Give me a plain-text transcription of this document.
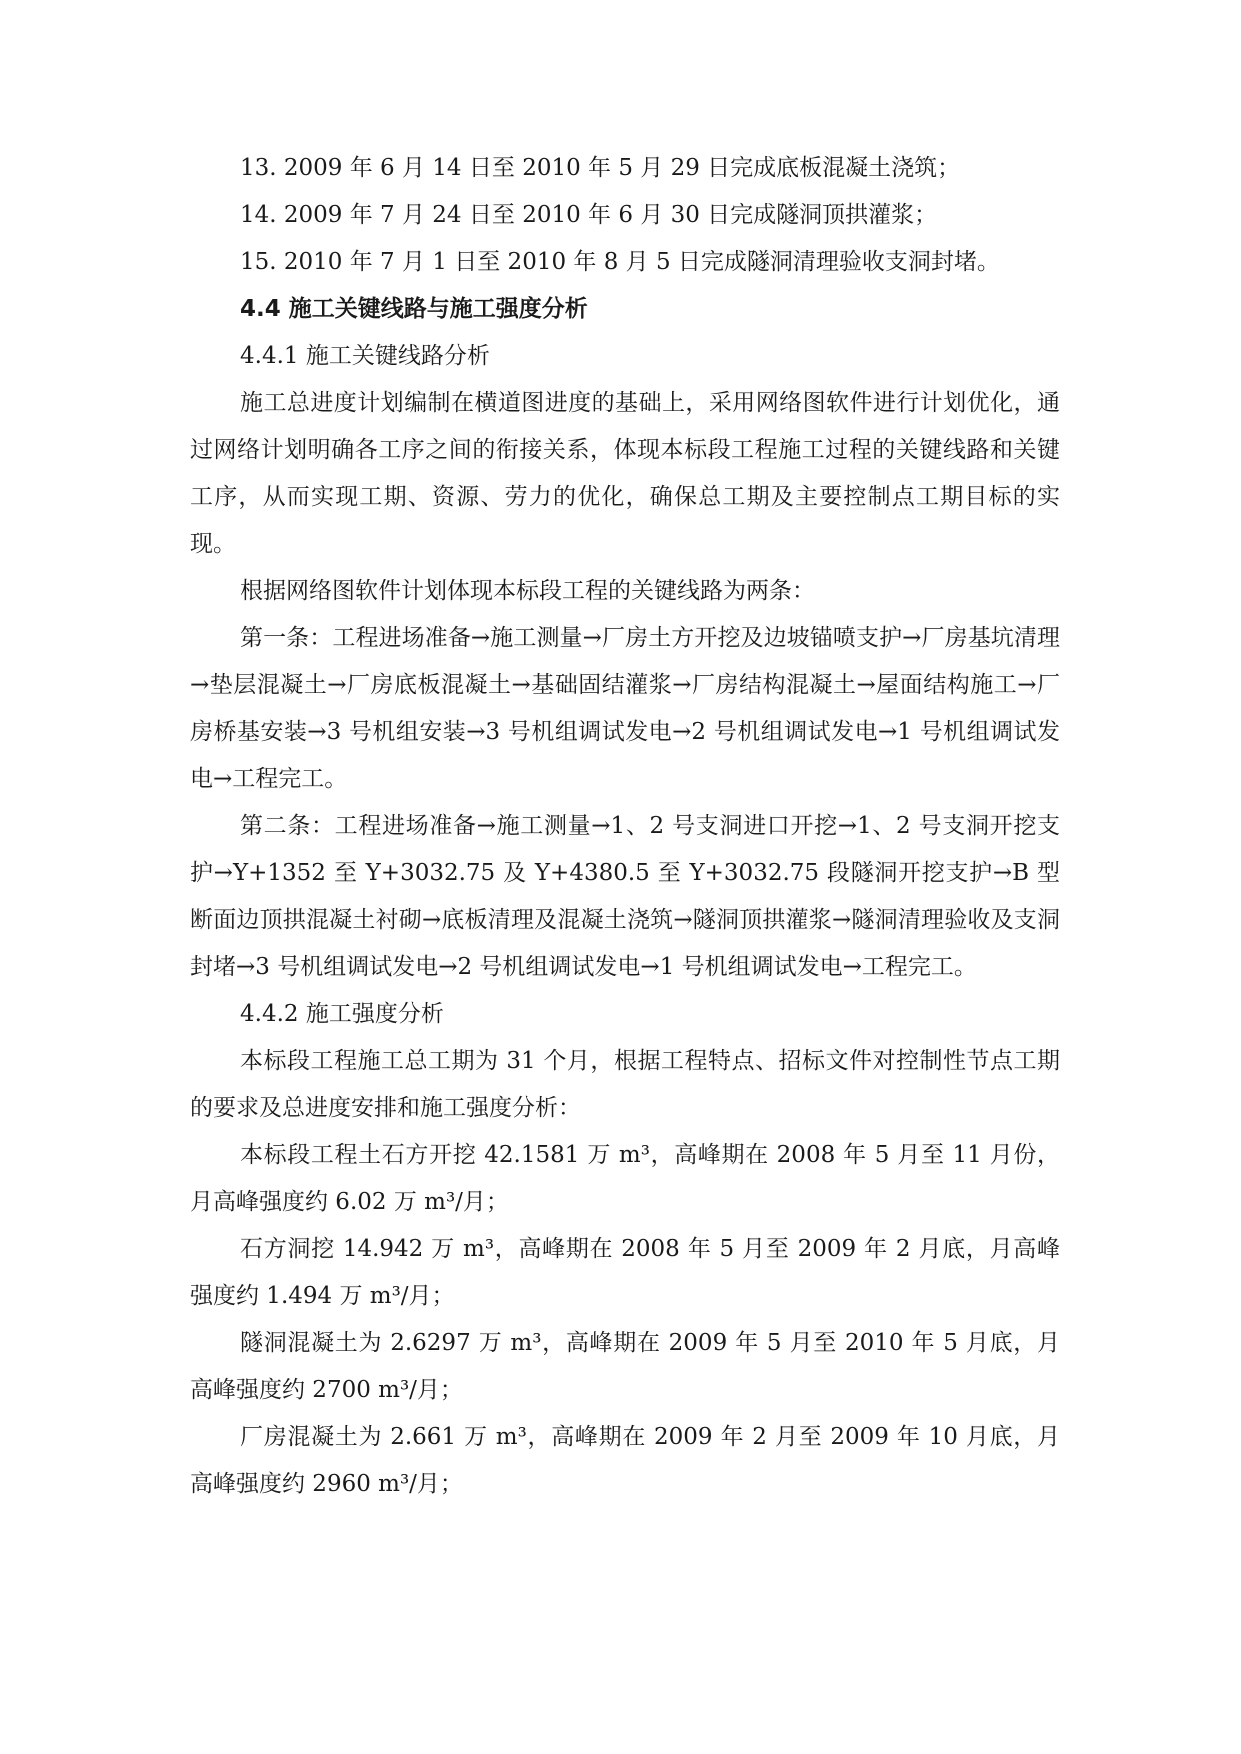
13. 2009 年 6 月 14 日至 2010 年 5 月 29 日完成底板混凝土浇筑；

14. 2009 年 7 月 24 日至 2010 年 6 月 30 日完成隧洞顶拱灌浆；

15. 2010 年 7 月 1 日至 2010 年 8 月 5 日完成隧洞清理验收支洞封堵。

4.4 施工关键线路与施工强度分析

4.4.1 施工关键线路分析

施工总进度计划编制在横道图进度的基础上，采用网络图软件进行计划优化，通过网络计划明确各工序之间的衔接关系，体现本标段工程施工过程的关键线路和关键工序，从而实现工期、资源、劳力的优化，确保总工期及主要控制点工期目标的实现。

根据网络图软件计划体现本标段工程的关键线路为两条：

第一条：工程进场准备→施工测量→厂房土方开挖及边坡锚喷支护→厂房基坑清理→垫层混凝土→厂房底板混凝土→基础固结灌浆→厂房结构混凝土→屋面结构施工→厂房桥基安装→3 号机组安装→3 号机组调试发电→2 号机组调试发电→1 号机组调试发电→工程完工。

第二条：工程进场准备→施工测量→1、2 号支洞进口开挖→1、2 号支洞开挖支护→Y+1352 至 Y+3032.75 及 Y+4380.5 至 Y+3032.75 段隧洞开挖支护→B 型断面边顶拱混凝土衬砌→底板清理及混凝土浇筑→隧洞顶拱灌浆→隧洞清理验收及支洞封堵→3 号机组调试发电→2 号机组调试发电→1 号机组调试发电→工程完工。

4.4.2 施工强度分析

本标段工程施工总工期为 31 个月，根据工程特点、招标文件对控制性节点工期的要求及总进度安排和施工强度分析：

本标段工程土石方开挖 42.1581 万 m³，高峰期在 2008 年 5 月至 11 月份，月高峰强度约 6.02 万 m³/月；

石方洞挖 14.942 万 m³，高峰期在 2008 年 5 月至 2009 年 2 月底，月高峰强度约 1.494 万 m³/月；

隧洞混凝土为 2.6297 万 m³，高峰期在 2009 年 5 月至 2010 年 5 月底，月高峰强度约 2700 m³/月；

厂房混凝土为 2.661 万 m³，高峰期在 2009 年 2 月至 2009 年 10 月底，月高峰强度约 2960 m³/月；
